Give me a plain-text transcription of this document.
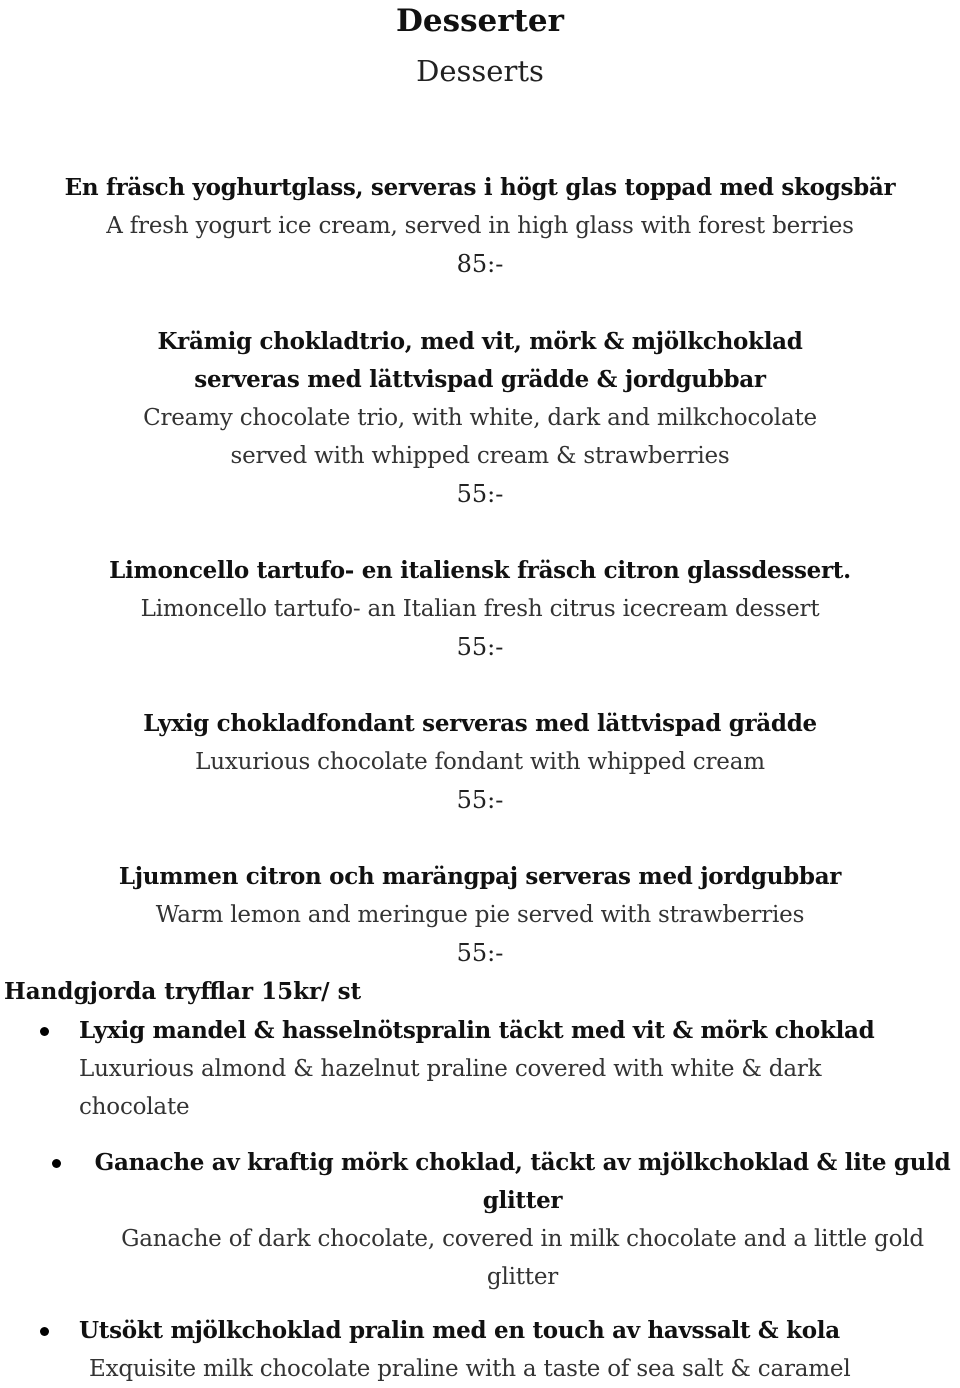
Desserter
Desserts
En fräsch yoghurtglass, serveras i högt glas toppad med skogsbär
A fresh yogurt ice cream, served in high glass with forest berries
85:-
Krämig chokladtrio, med vit, mörk & mjölkchoklad
serveras med lättvispad grädde & jordgubbar
Creamy chocolate trio, with white, dark and milkchocolate
served with whipped cream & strawberries
55:-
Limoncello tartufo- en italiensk fräsch citron glassdessert.
Limoncello tartufo- an Italian fresh citrus icecream dessert
55:-
Lyxig chokladfondant serveras med lättvispad grädde
Luxurious chocolate fondant with whipped cream
55:-
Ljummen citron och marängpaj serveras med jordgubbar
Warm lemon and meringue pie served with strawberries
55:-
Handgjorda tryfflar 15kr/ st
Lyxig mandel & hasselnötspralin täckt med vit & mörk choklad
Luxurious almond & hazelnut praline covered with white & dark chocolate
Ganache av kraftig mörk choklad, täckt av mjölkchoklad & lite guld glitter
Ganache of dark chocolate, covered in milk chocolate and a little gold glitter
Utsökt mjölkchoklad pralin med en touch av havssalt & kola
Exquisite milk chocolate praline with a taste of sea salt & caramel
